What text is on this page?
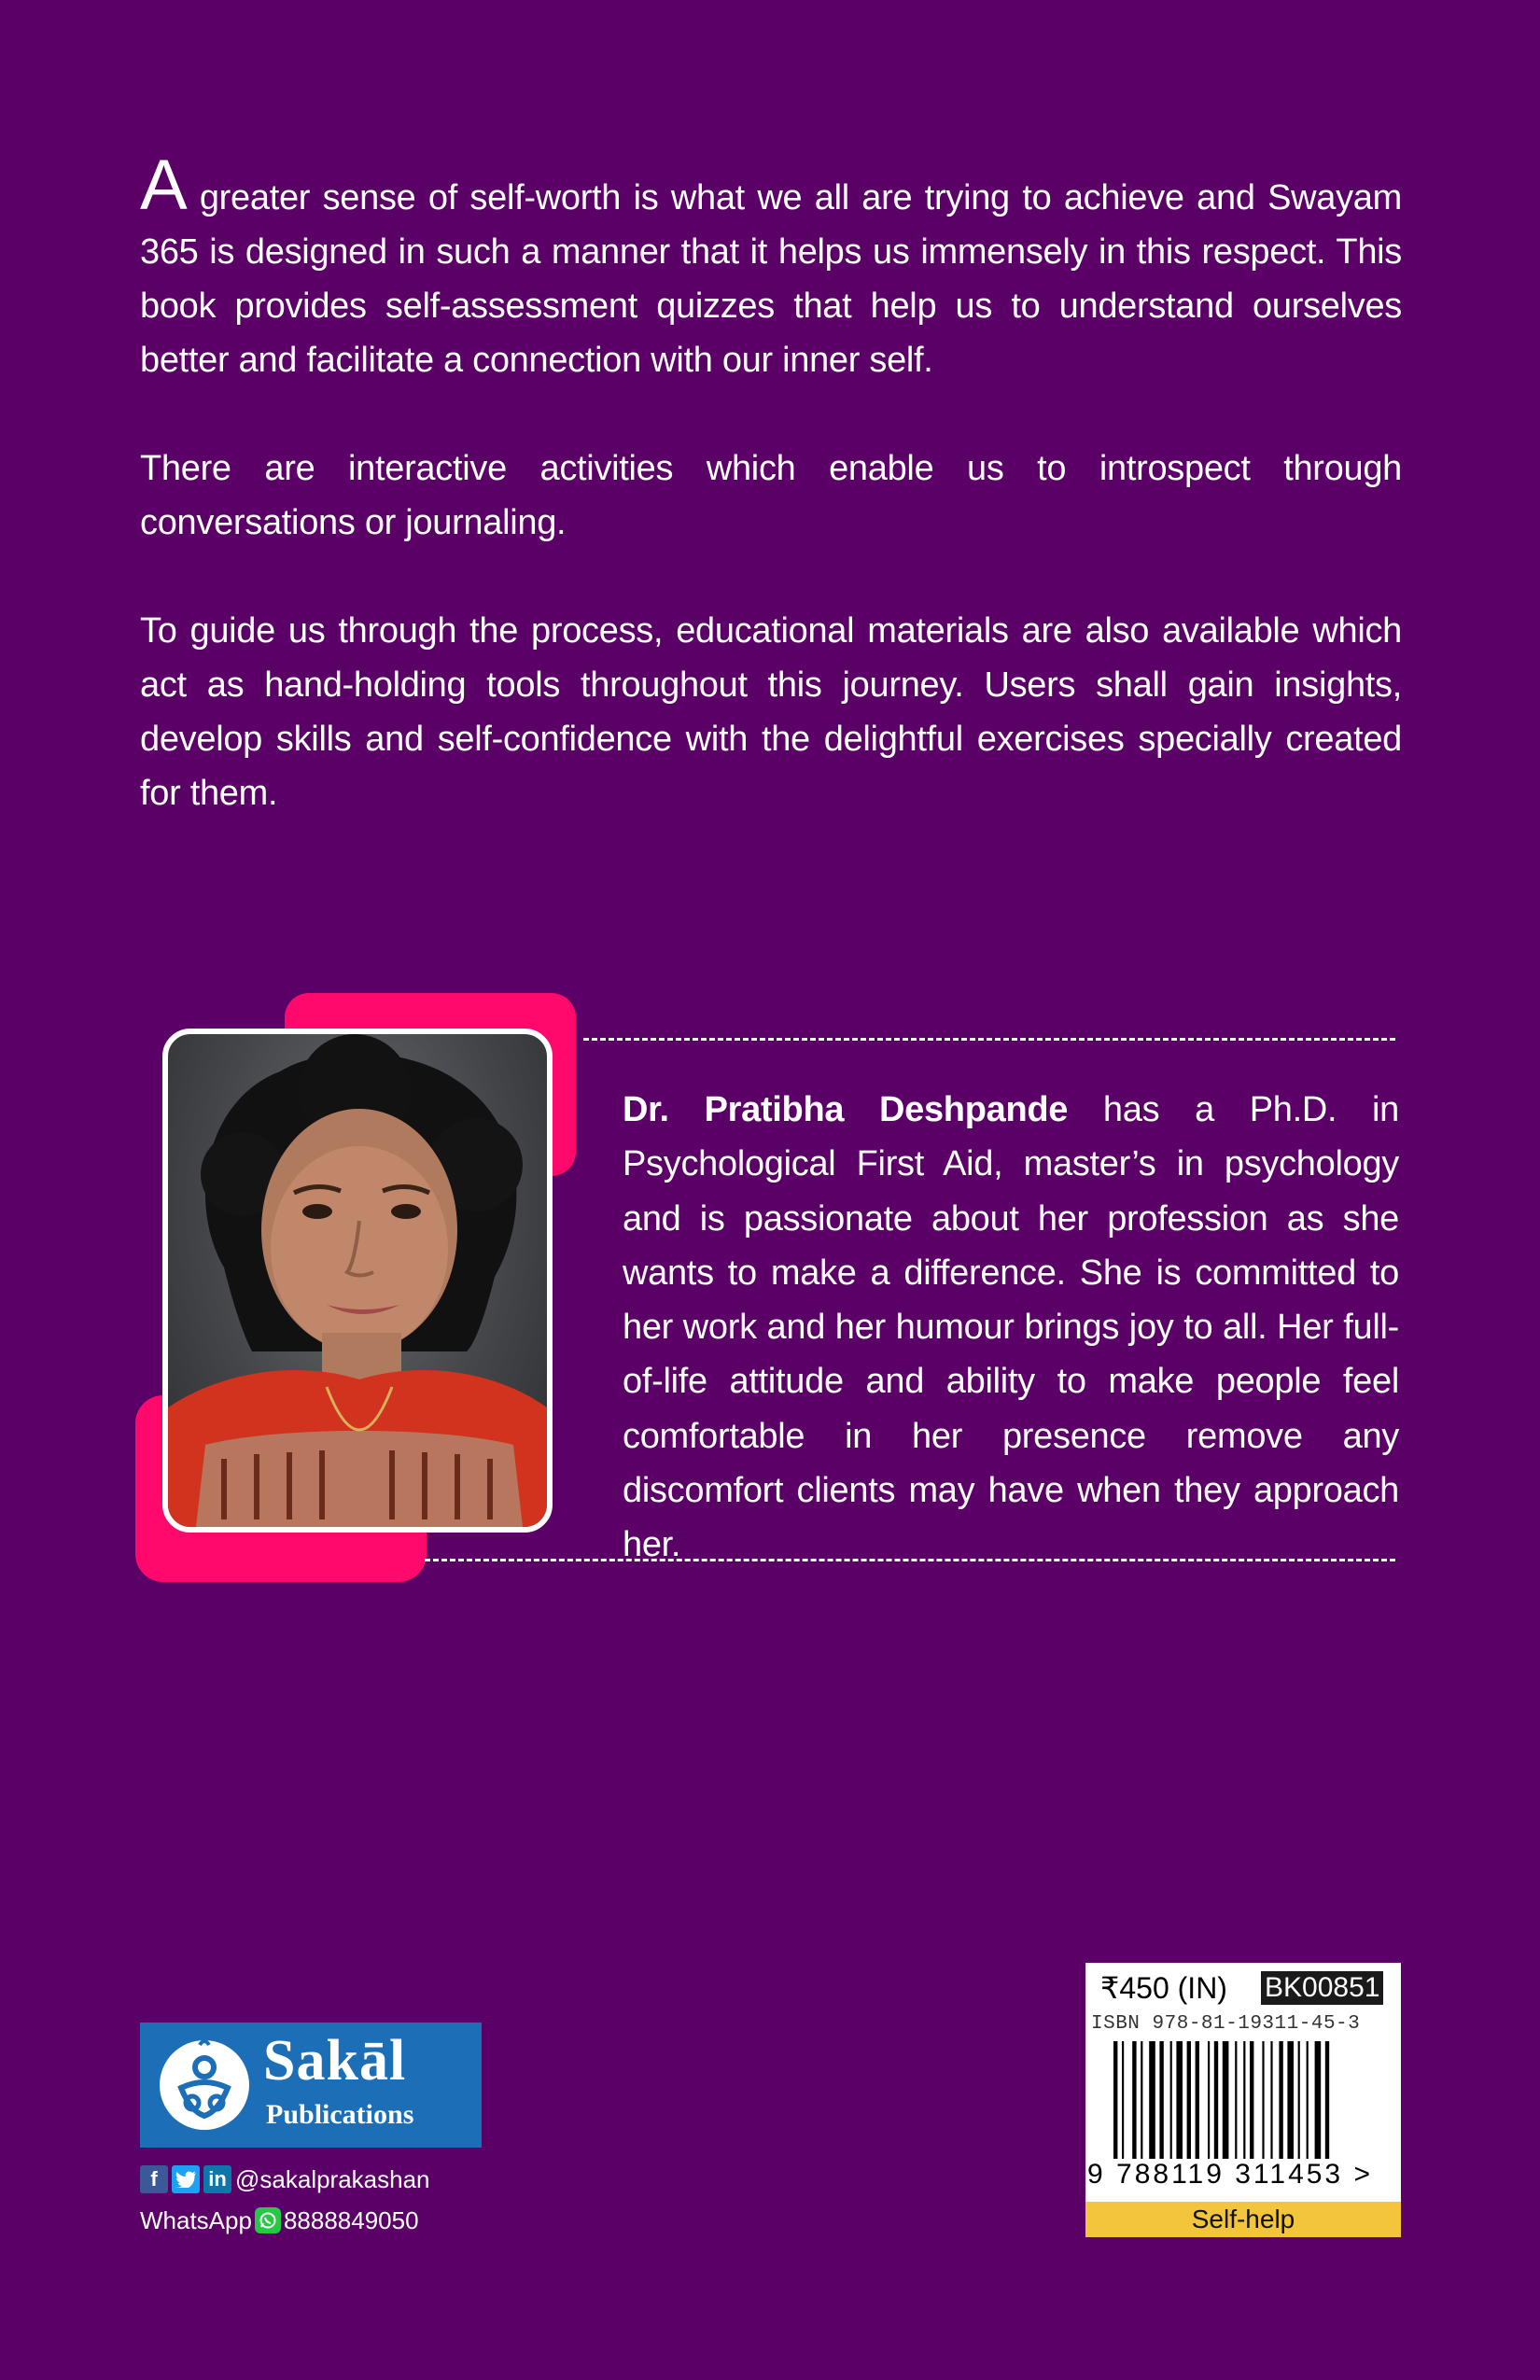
A greater sense of self-worth is what we all are trying to achieve and Swayam 365 is designed in such a manner that it helps us immensely in this respect. This book provides self-assessment quizzes that help us to understand ourselves better and facilitate a connection with our inner self.

There are interactive activities which enable us to introspect through conversations or journaling.

To guide us through the process, educational materials are also available which act as hand-holding tools throughout this journey. Users shall gain insights, develop skills and self-confidence with the delightful exercises specially created for them.

Dr. Pratibha Deshpande has a Ph.D. in Psychological First Aid, master’s in psychology and is passionate about her profession as she wants to make a difference. She is committed to her work and her humour brings joy to all. Her full-of-life attitude and ability to make people feel comfortable in her presence remove any discomfort clients may have when they approach her.
Sakāl
Publications
f	in @sakalprakashan
WhatsApp 8888849050
₹450 (IN) BK00851
ISBN 978-81-19311-45-3
9 788119 311453 >
Self-help
